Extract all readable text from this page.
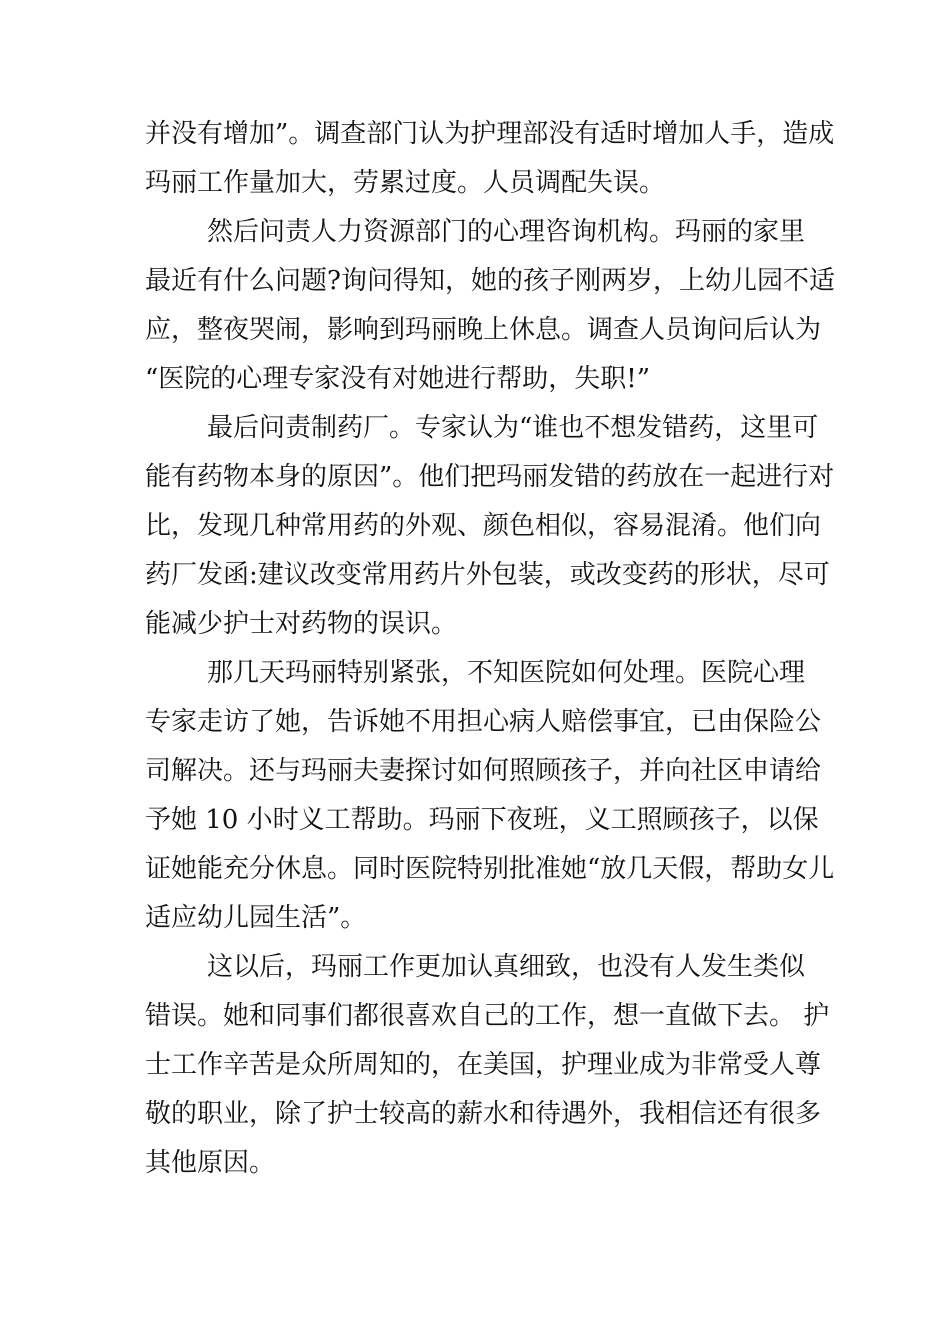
并没有增加”。调查部门认为护理部没有适时增加人手，造成
玛丽工作量加大，劳累过度。人员调配失误。
然后问责人力资源部门的心理咨询机构。玛丽的家里
最近有什么问题?询问得知，她的孩子刚两岁，上幼儿园不适
应，整夜哭闹，影响到玛丽晚上休息。调查人员询问后认为
“医院的心理专家没有对她进行帮助，失职!”
最后问责制药厂。专家认为“谁也不想发错药，这里可
能有药物本身的原因”。他们把玛丽发错的药放在一起进行对
比，发现几种常用药的外观、颜色相似，容易混淆。他们向
药厂发函:建议改变常用药片外包装，或改变药的形状，尽可
能减少护士对药物的误识。
那几天玛丽特别紧张，不知医院如何处理。医院心理
专家走访了她，告诉她不用担心病人赔偿事宜，已由保险公
司解决。还与玛丽夫妻探讨如何照顾孩子，并向社区申请给
予她 10 小时义工帮助。玛丽下夜班，义工照顾孩子，以保
证她能充分休息。同时医院特别批准她“放几天假，帮助女儿
适应幼儿园生活”。
这以后，玛丽工作更加认真细致，也没有人发生类似
错误。她和同事们都很喜欢自己的工作，想一直做下去。 护
士工作辛苦是众所周知的，在美国，护理业成为非常受人尊
敬的职业，除了护士较高的薪水和待遇外，我相信还有很多
其他原因。
